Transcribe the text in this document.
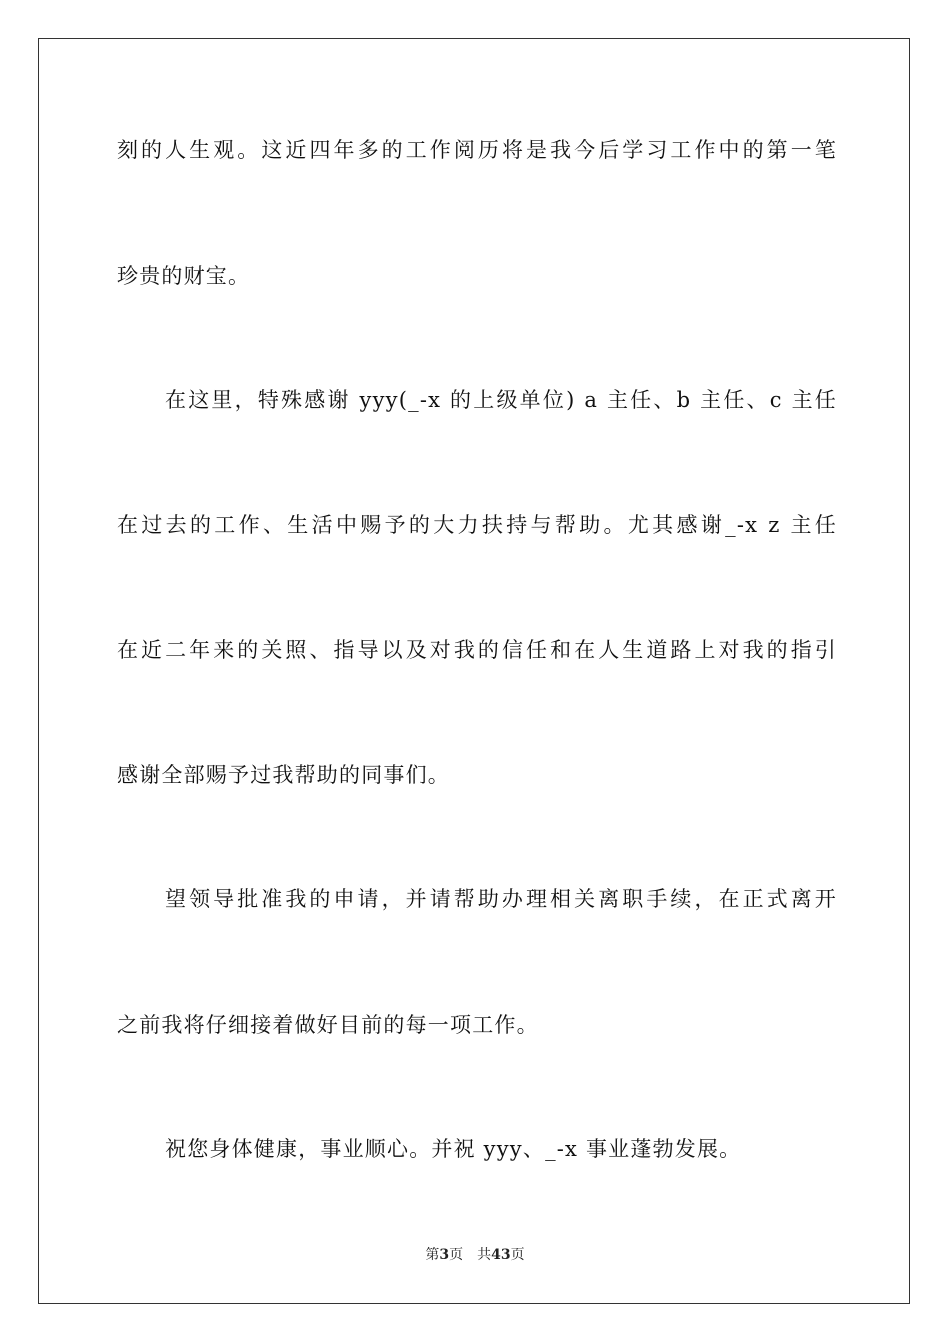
刻的人生观。这近四年多的工作阅历将是我今后学习工作中的第一笔
珍贵的财宝。
在这里，特殊感谢 yyy(_-x 的上级单位) a 主任、b 主任、c 主任
在过去的工作、生活中赐予的大力扶持与帮助。尤其感谢_-x z 主任
在近二年来的关照、指导以及对我的信任和在人生道路上对我的指引
感谢全部赐予过我帮助的同事们。
望领导批准我的申请，并请帮助办理相关离职手续，在正式离开
之前我将仔细接着做好目前的每一项工作。
祝您身体健康，事业顺心。并祝 yyy、_-x 事业蓬勃发展。
第3页 共43页
